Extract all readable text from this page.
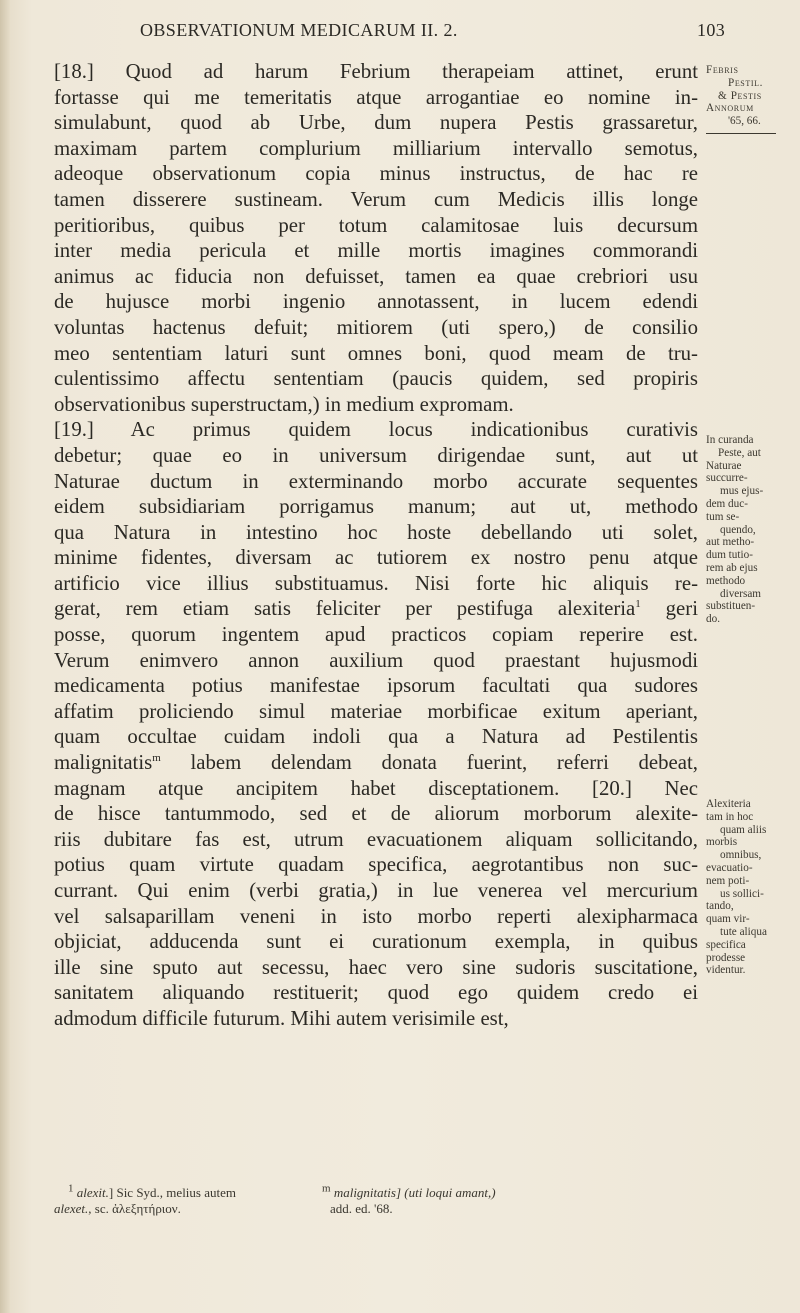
OBSERVATIONUM MEDICARUM II. 2.	103
[18.] Quod ad harum Febrium therapeiam attinet, erunt
fortasse qui me temeritatis atque arrogantiae eo nomine in-
simulabunt, quod ab Urbe, dum nupera Pestis grassaretur,
maximam partem complurium milliarium intervallo semotus,
adeoque observationum copia minus instructus, de hac re
tamen disserere sustineam. Verum cum Medicis illis longe
peritioribus, quibus per totum calamitosae luis decursum
inter media pericula et mille mortis imagines commorandi
animus ac fiducia non defuisset, tamen ea quae crebriori usu
de hujusce morbi ingenio annotassent, in lucem edendi
voluntas hactenus defuit; mitiorem (uti spero,) de consilio
meo sententiam laturi sunt omnes boni, quod meam de tru-
culentissimo affectu sententiam (paucis quidem, sed propiris
observationibus superstructam,) in medium expromam.
[19.] Ac primus quidem locus indicationibus curativis
debetur; quae eo in universum dirigendae sunt, aut ut
Naturae ductum in exterminando morbo accurate sequentes
eidem subsidiariam porrigamus manum; aut ut, methodo
qua Natura in intestino hoc hoste debellando uti solet,
minime fidentes, diversam ac tutiorem ex nostro penu atque
artificio vice illius substituamus. Nisi forte hic aliquis re-
gerat, rem etiam satis feliciter per pestifuga alexiteria$^1$ geri
posse, quorum ingentem apud practicos copiam reperire est.
Verum enimvero annon auxilium quod praestant hujusmodi
medicamenta potius manifestae ipsorum facultati qua sudores
affatim proliciendo simul materiae morbificae exitum aperiant,
quam occultae cuidam indoli qua a Natura ad Pestilentis
malignitatis$^m$ labem delendam donata fuerint, referri debeat,
magnam atque ancipitem habet disceptationem. [20.] Nec
de hisce tantummodo, sed et de aliorum morborum alexite-
riis dubitare fas est, utrum evacuationem aliquam sollicitando,
potius quam virtute quadam specifica, aegrotantibus non suc-
currant. Qui enim (verbi gratia,) in lue venerea vel mercurium
vel salsaparillam veneni in isto morbo reperti alexipharmaca
objiciat, adducenda sunt ei curationum exempla, in quibus
ille sine sputo aut secessu, haec vero sine sudoris suscitatione,
sanitatem aliquando restituerit; quod ego quidem credo ei
admodum difficile futurum. Mihi autem verisimile est,
Febris
Pestil.
& Pestis
Annorum
'65, 66.
In curanda
Peste, aut
Naturae
succurre-
mus ejus-
dem duc-
tum se-
quendo,
aut metho-
dum tutio-
rem ab ejus
methodo
diversam
substituen-
do.
Alexiteria
tam in hoc
quam aliis
morbis
omnibus,
evacuatio-
nem poti-
us sollici-
tando,
quam vir-
tute aliqua
specifica
prodesse
videntur.
$^1$ alexit.] Sic Syd., melius autem
alexet., sc. ἀλεξητήριον.
$^m$ malignitatis] (uti loqui amant,)
add. ed. '68.
